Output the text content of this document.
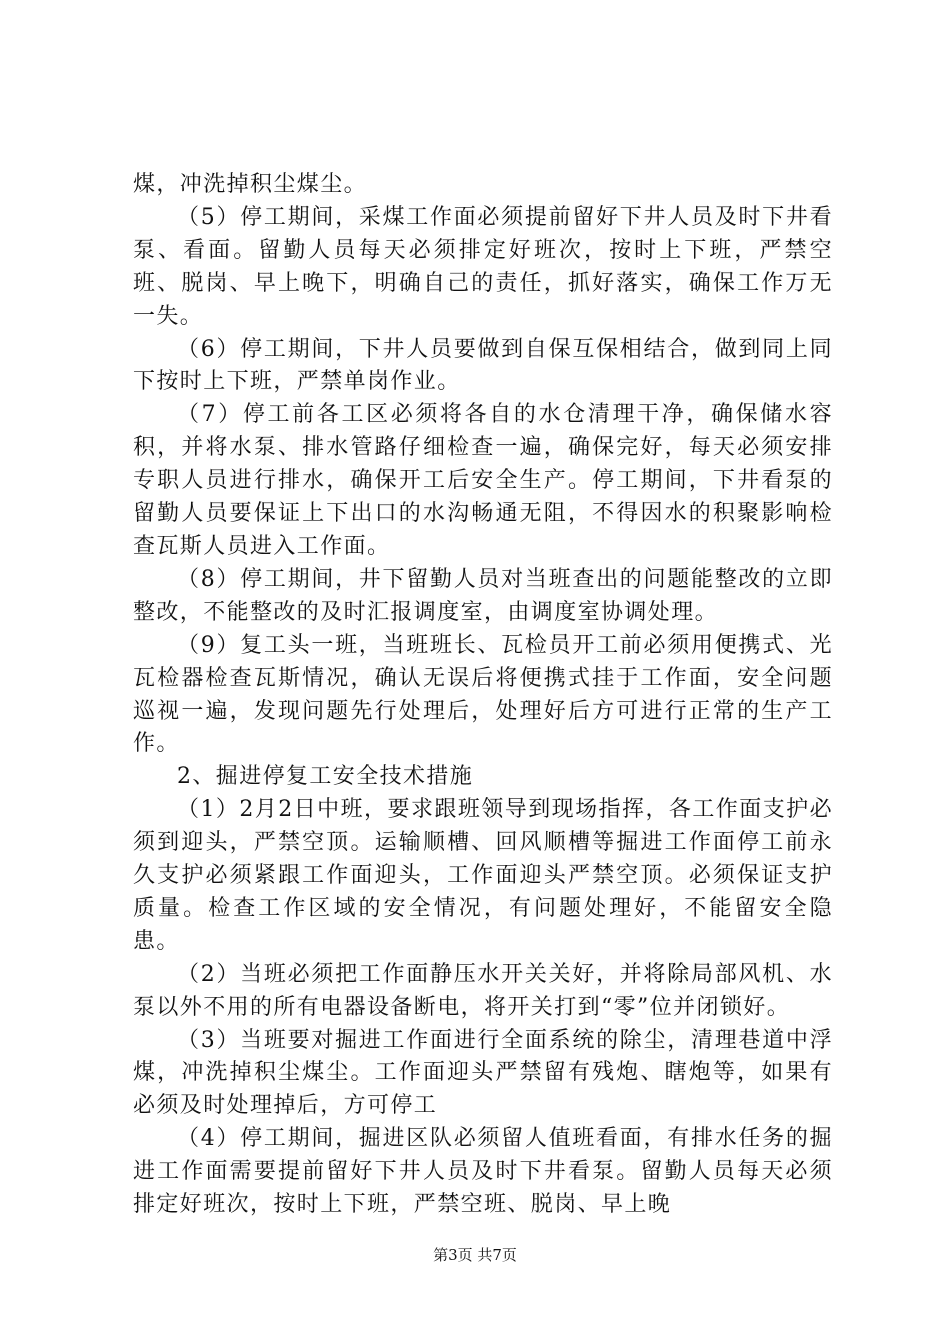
煤，冲洗掉积尘煤尘。

（5）停工期间，采煤工作面必须提前留好下井人员及时下井看泵、看面。留勤人员每天必须排定好班次，按时上下班，严禁空班、脱岗、早上晚下，明确自己的责任，抓好落实，确保工作万无一失。

（6）停工期间，下井人员要做到自保互保相结合，做到同上同下按时上下班，严禁单岗作业。

（7）停工前各工区必须将各自的水仓清理干净，确保储水容积，并将水泵、排水管路仔细检查一遍，确保完好，每天必须安排专职人员进行排水，确保开工后安全生产。停工期间，下井看泵的留勤人员要保证上下出口的水沟畅通无阻，不得因水的积聚影响检查瓦斯人员进入工作面。

（8）停工期间，井下留勤人员对当班查出的问题能整改的立即整改，不能整改的及时汇报调度室，由调度室协调处理。

（9）复工头一班，当班班长、瓦检员开工前必须用便携式、光瓦检器检查瓦斯情况，确认无误后将便携式挂于工作面，安全问题巡视一遍，发现问题先行处理后，处理好后方可进行正常的生产工作。

2、掘进停复工安全技术措施

（1）2月2日中班，要求跟班领导到现场指挥，各工作面支护必须到迎头，严禁空顶。运输顺槽、回风顺槽等掘进工作面停工前永久支护必须紧跟工作面迎头，工作面迎头严禁空顶。必须保证支护质量。检查工作区域的安全情况，有问题处理好，不能留安全隐患。

（2）当班必须把工作面静压水开关关好，并将除局部风机、水泵以外不用的所有电器设备断电，将开关打到“零”位并闭锁好。

（3）当班要对掘进工作面进行全面系统的除尘，清理巷道中浮煤，冲洗掉积尘煤尘。工作面迎头严禁留有残炮、瞎炮等，如果有必须及时处理掉后，方可停工

（4）停工期间，掘进区队必须留人值班看面，有排水任务的掘进工作面需要提前留好下井人员及时下井看泵。留勤人员每天必须排定好班次，按时上下班，严禁空班、脱岗、早上晚

第3页 共7页
